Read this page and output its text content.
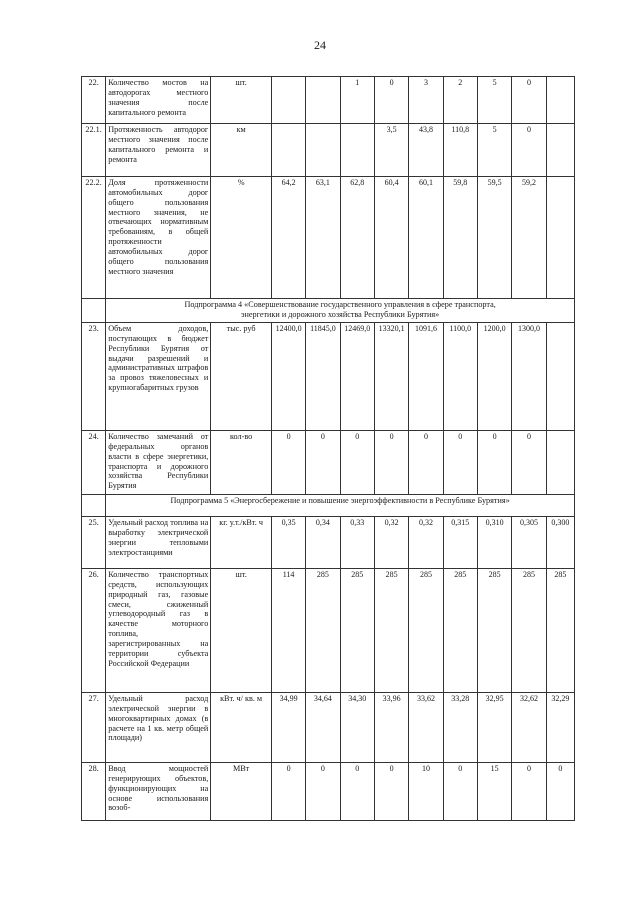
24
22.	Количество мостов на автодорогах местного значения после капитального ремонта	шт.			1	0	3	2	5	0	
22.1.	Протяженность автодорог местного значения после капитального ремонта и ремонта	км				3,5	43,8	110,8	5	0	
22.2.	Доля протяженности автомобильных дорог общего пользования местного значения, не отвечающих нормативным требованиям, в общей протяженности автомобильных дорог общего пользования местного значения	%	64,2	63,1	62,8	60,4	60,1	59,8	59,5	59,2	

	Подпрограмма 4 «Совершенствование государственного управления в сфере транспорта,
энергетики и дорожного хозяйства Республики Бурятия»										

23.	Объем доходов, поступающих в бюджет Республики Бурятия от выдачи разрешений и административных штрафов за провоз тяжеловесных и крупногабаритных грузов	тыс. руб	12400,0	11845,0	12469,0	13320,1	1091,6	1100,0	1200,0	1300,0	
24.	Количество замечаний от федеральных органов власти в сфере энергетики, транспорта и дорожного хозяйства Республики Бурятия	кол-во	0	0	0	0	0	0	0	0	

	Подпрограмма 5 «Энергосбережение и повышение энергоэффективности в Республике Бурятия»										

25.	Удельный расход топлива на выработку электрической энергии тепловыми электростанциями	кг. у.т./кВт. ч	0,35	0,34	0,33	0,32	0,32	0,315	0,310	0,305	0,300
26.	Количество транспортных средств, использующих природный газ, газовые смеси, сжиженный углеводородный газ в качестве моторного топлива, зарегистрированных на территории субъекта Российской Федерации	шт.	114	285	285	285	285	285	285	285	285
27.	Удельный расход электрической энергии в многоквартирных домах (в расчете на 1 кв. метр общей площади)	кВт. ч/ кв. м	34,99	34,64	34,30	33,96	33,62	33,28	32,95	32,62	32,29
28.	Ввод мощностей генерирующих объектов, функционирующих на основе использования возоб-	МВт	0	0	0	0	10	0	15	0	0
